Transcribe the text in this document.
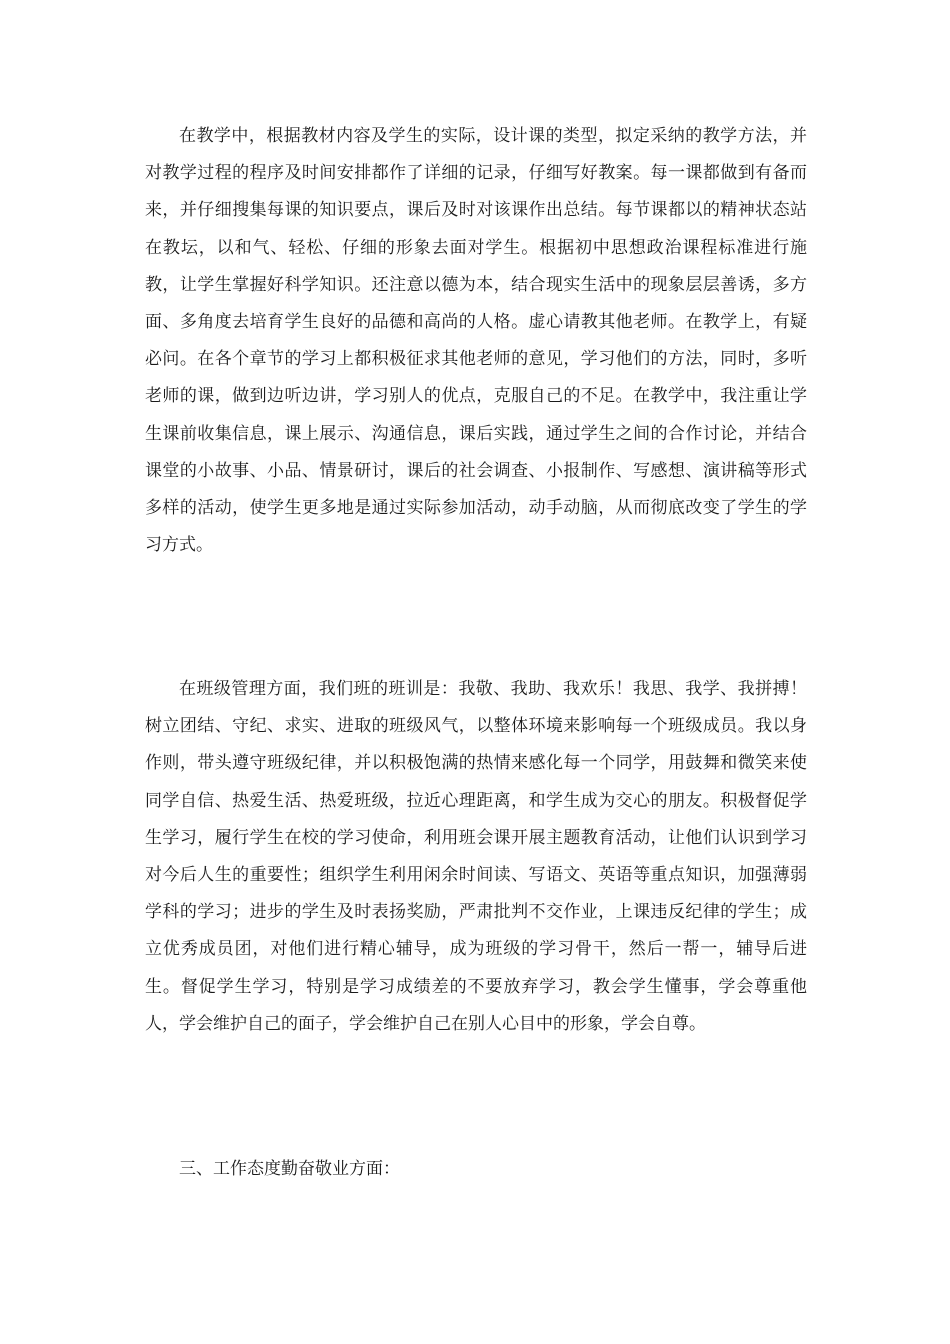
在教学中，根据教材内容及学生的实际，设计课的类型，拟定采纳的教学方法，并对教学过程的程序及时间安排都作了详细的记录，仔细写好教案。每一课都做到有备而来，并仔细搜集每课的知识要点，课后及时对该课作出总结。每节课都以的精神状态站在教坛，以和气、轻松、仔细的形象去面对学生。根据初中思想政治课程标准进行施教，让学生掌握好科学知识。还注意以德为本，结合现实生活中的现象层层善诱，多方面、多角度去培育学生良好的品德和高尚的人格。虚心请教其他老师。在教学上，有疑必问。在各个章节的学习上都积极征求其他老师的意见，学习他们的方法，同时，多听老师的课，做到边听边讲，学习别人的优点，克服自己的不足。在教学中，我注重让学生课前收集信息，课上展示、沟通信息，课后实践，通过学生之间的合作讨论，并结合课堂的小故事、小品、情景研讨，课后的社会调查、小报制作、写感想、演讲稿等形式多样的活动，使学生更多地是通过实际参加活动，动手动脑，从而彻底改变了学生的学习方式。

在班级管理方面，我们班的班训是：我敬、我助、我欢乐！我思、我学、我拼搏！树立团结、守纪、求实、进取的班级风气，以整体环境来影响每一个班级成员。我以身作则，带头遵守班级纪律，并以积极饱满的热情来感化每一个同学，用鼓舞和微笑来使同学自信、热爱生活、热爱班级，拉近心理距离，和学生成为交心的朋友。积极督促学生学习，履行学生在校的学习使命，利用班会课开展主题教育活动，让他们认识到学习对今后人生的重要性；组织学生利用闲余时间读、写语文、英语等重点知识，加强薄弱学科的学习；进步的学生及时表扬奖励，严肃批判不交作业，上课违反纪律的学生；成立优秀成员团，对他们进行精心辅导，成为班级的学习骨干，然后一帮一，辅导后进生。督促学生学习，特别是学习成绩差的不要放弃学习，教会学生懂事，学会尊重他人，学会维护自己的面子，学会维护自己在别人心目中的形象，学会自尊。

三、工作态度勤奋敬业方面：
